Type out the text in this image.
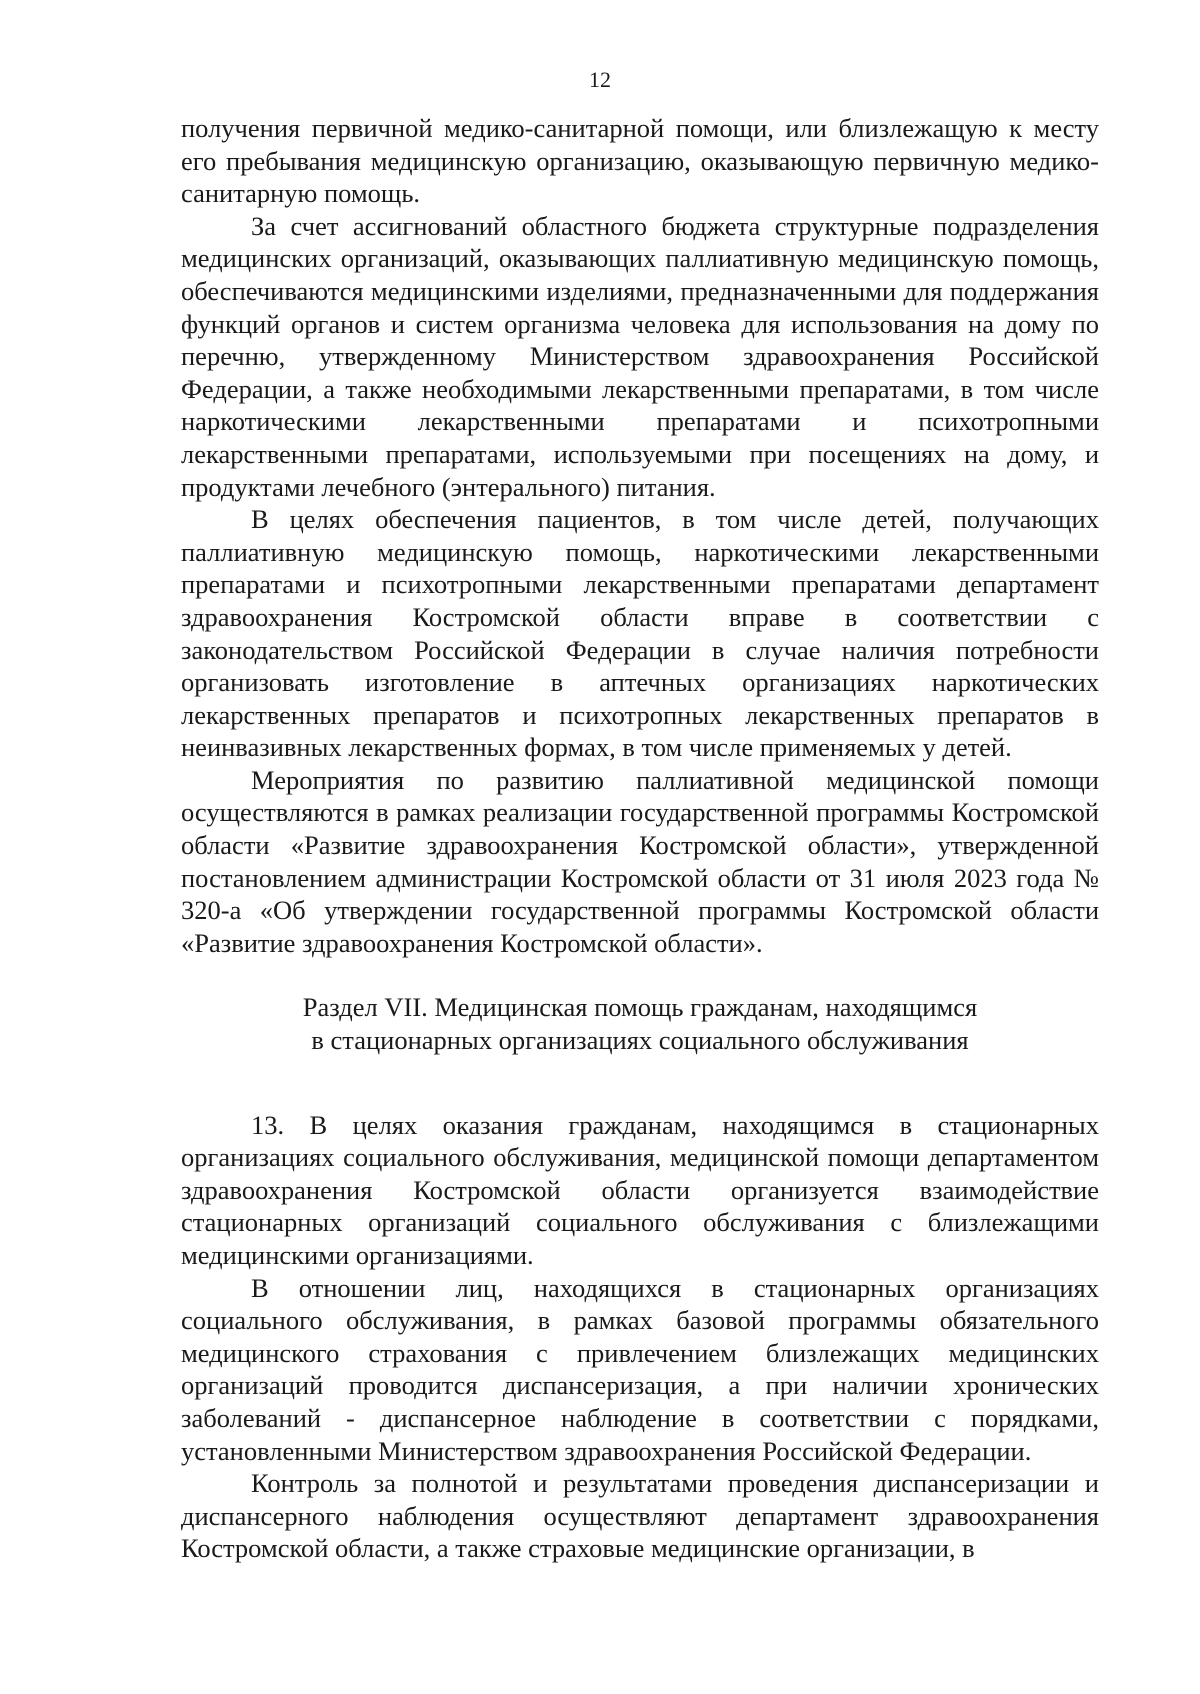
12

получения первичной медико-санитарной помощи, или близлежащую к месту его пребывания медицинскую организацию, оказывающую первичную медико-санитарную помощь.

За счет ассигнований областного бюджета структурные подразделения медицинских организаций, оказывающих паллиативную медицинскую помощь, обеспечиваются медицинскими изделиями, предназначенными для поддержания функций органов и систем организма человека для использования на дому по перечню, утвержденному Министерством здравоохранения Российской Федерации, а также необходимыми лекарственными препаратами, в том числе наркотическими лекарственными препаратами и психотропными лекарственными препаратами, используемыми при посещениях на дому, и продуктами лечебного (энтерального) питания.

В целях обеспечения пациентов, в том числе детей, получающих паллиативную медицинскую помощь, наркотическими лекарственными препаратами и психотропными лекарственными препаратами департамент здравоохранения Костромской области вправе в соответствии с законодательством Российской Федерации в случае наличия потребности организовать изготовление в аптечных организациях наркотических лекарственных препаратов и психотропных лекарственных препаратов в неинвазивных лекарственных формах, в том числе применяемых у детей.

Мероприятия по развитию паллиативной медицинской помощи осуществляются в рамках реализации государственной программы Костромской области «Развитие здравоохранения Костромской области», утвержденной постановлением администрации Костромской области от 31 июля 2023 года № 320-а «Об утверждении государственной программы Костромской области «Развитие здравоохранения Костромской области».

Раздел VII. Медицинская помощь гражданам, находящимся
в стационарных организациях социального обслуживания

13. В целях оказания гражданам, находящимся в стационарных организациях социального обслуживания, медицинской помощи департаментом здравоохранения Костромской области организуется взаимодействие стационарных организаций социального обслуживания с близлежащими медицинскими организациями.

В отношении лиц, находящихся в стационарных организациях социального обслуживания, в рамках базовой программы обязательного медицинского страхования с привлечением близлежащих медицинских организаций проводится диспансеризация, а при наличии хронических заболеваний - диспансерное наблюдение в соответствии с порядками, установленными Министерством здравоохранения Российской Федерации.

Контроль за полнотой и результатами проведения диспансеризации и диспансерного наблюдения осуществляют департамент здравоохранения Костромской области, а также страховые медицинские организации, в
